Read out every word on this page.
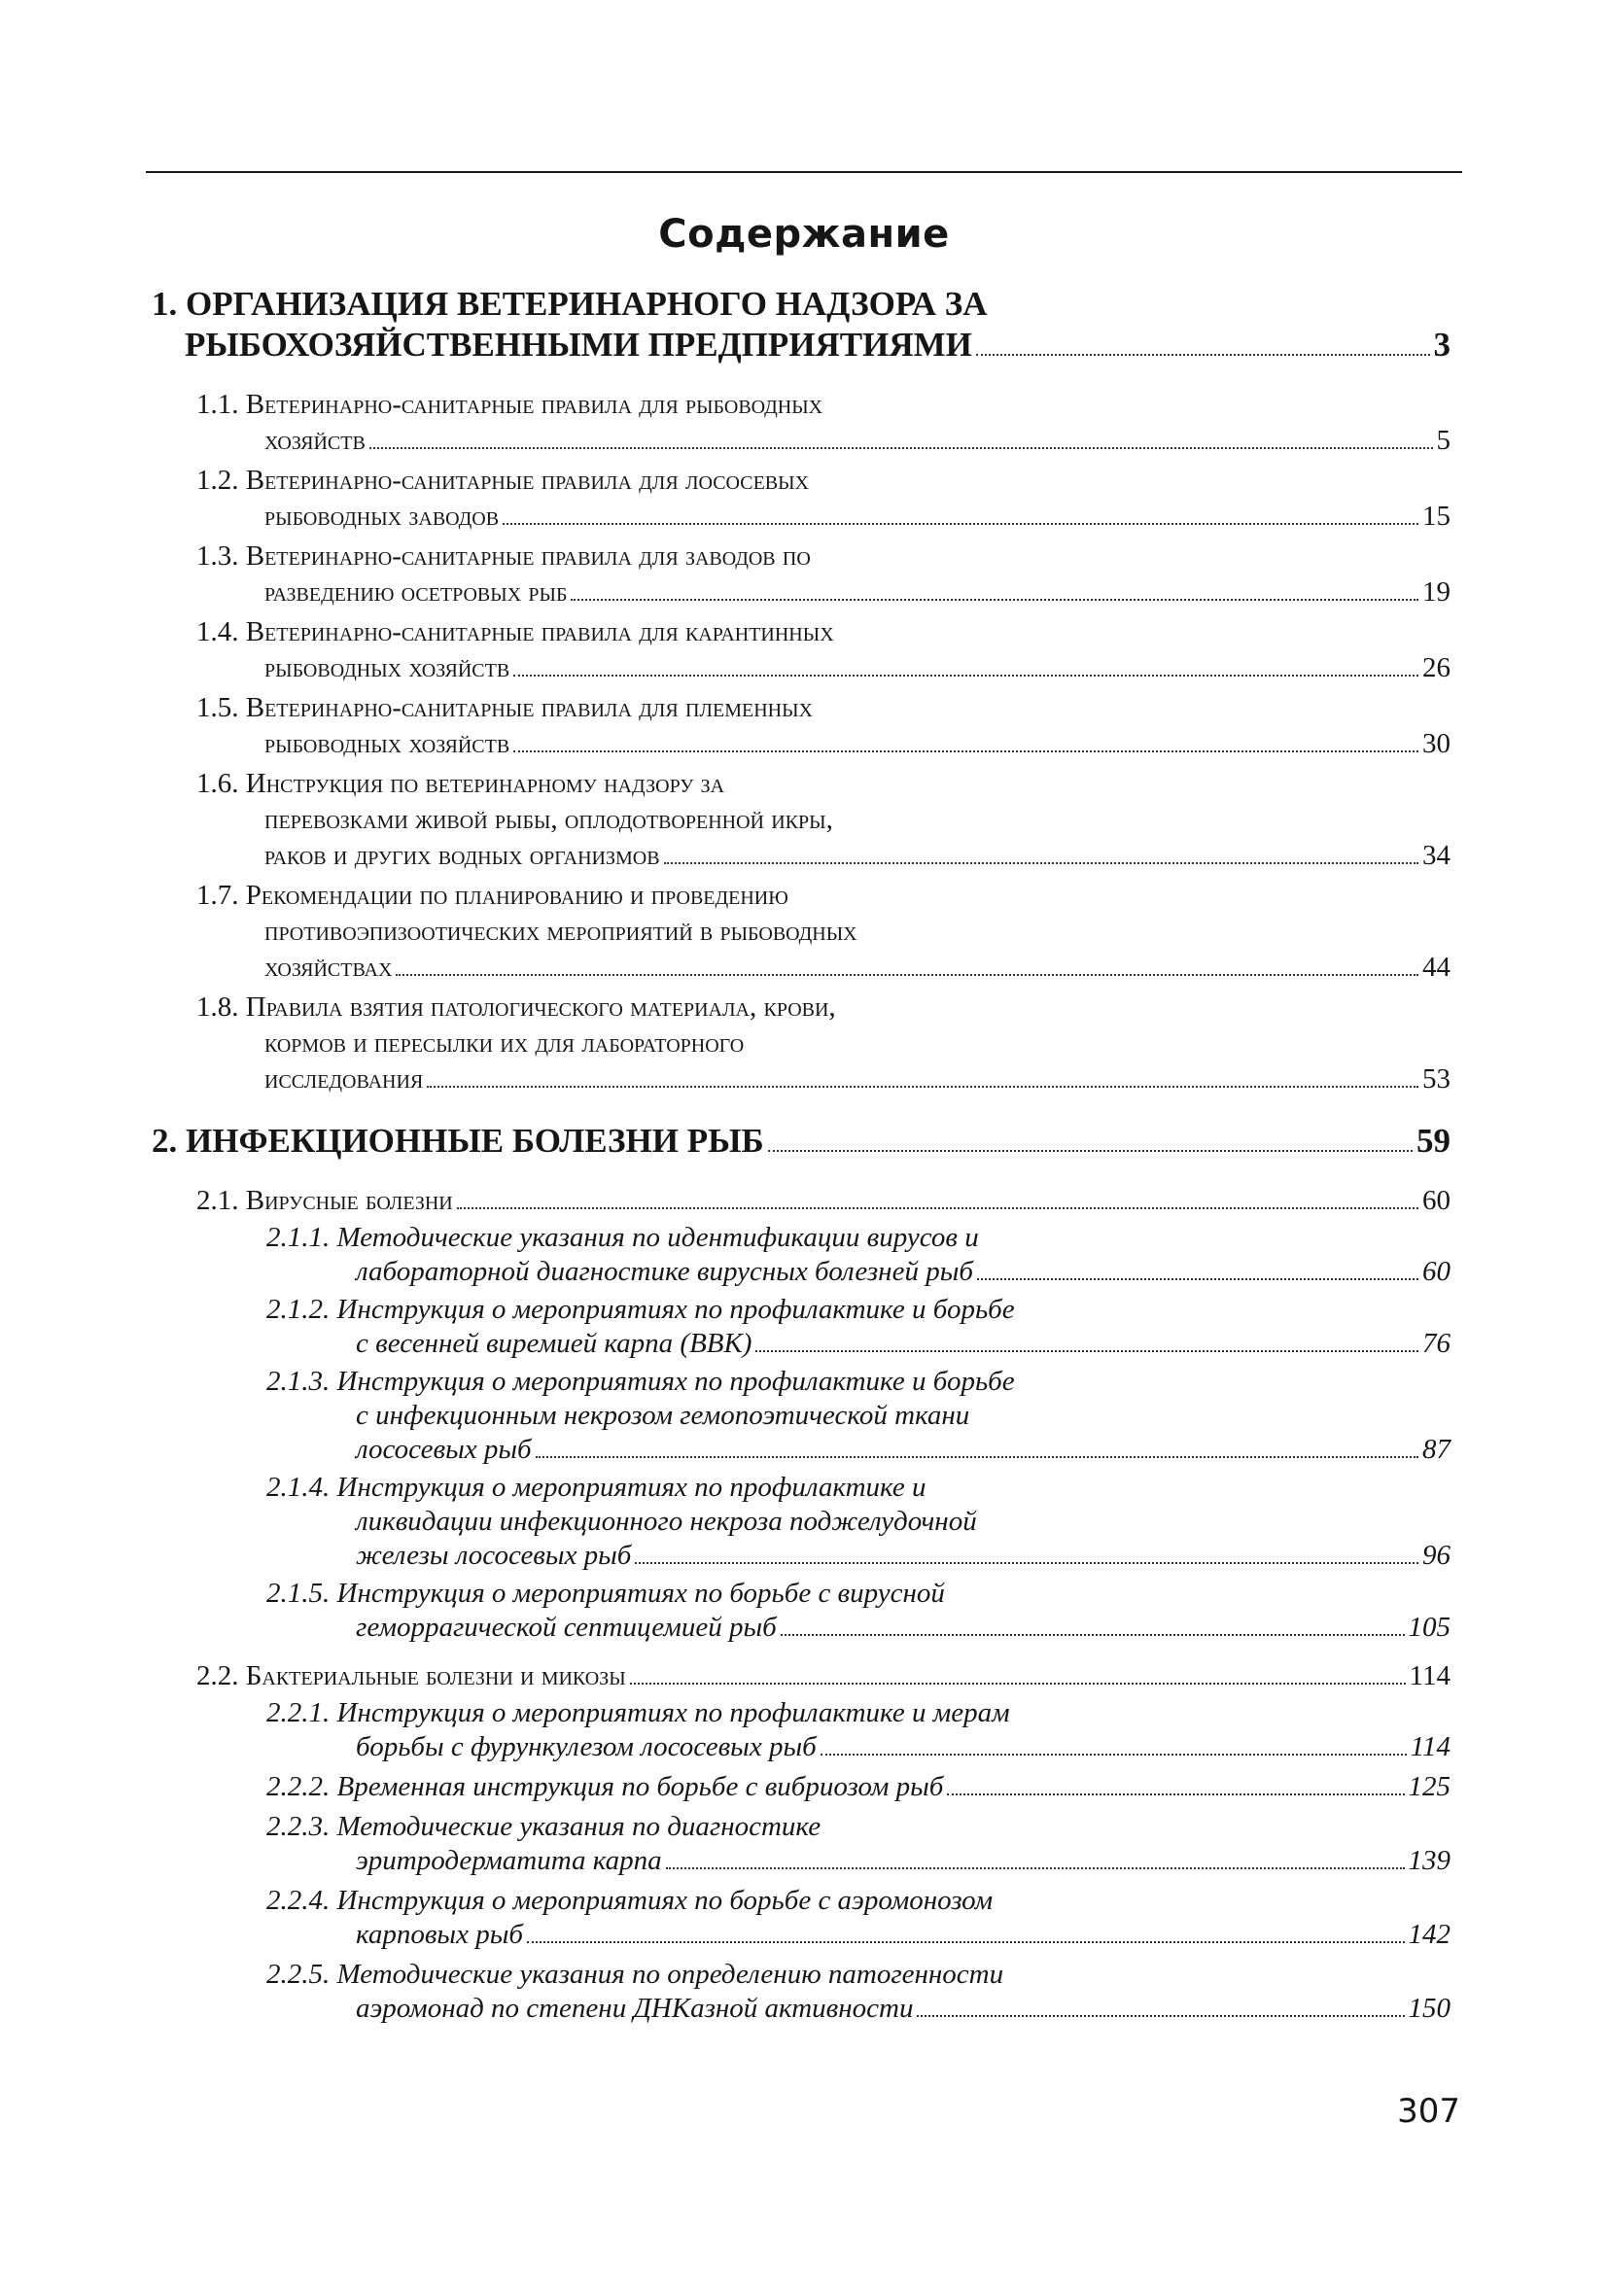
Содержание
1. ОРГАНИЗАЦИЯ ВЕТЕРИНАРНОГО НАДЗОРА ЗА
РЫБОХОЗЯЙСТВЕННЫМИ ПРЕДПРИЯТИЯМИ	3
1.1. Ветеринарно-санитарные правила для рыбоводных
хозяйств	5
1.2. Ветеринарно-санитарные правила для лососевых
рыбоводных заводов	15
1.3. Ветеринарно-санитарные правила для заводов по
разведению осетровых рыб	19
1.4. Ветеринарно-санитарные правила для карантинных
рыбоводных хозяйств	26
1.5. Ветеринарно-санитарные правила для племенных
рыбоводных хозяйств	30
1.6. Инструкция по ветеринарному надзору за
перевозками живой рыбы, оплодотворенной икры,
раков и других водных организмов	34
1.7. Рекомендации по планированию и проведению
противоэпизоотических мероприятий в рыбоводных
хозяйствах	44
1.8. Правила взятия патологического материала, крови,
кормов и пересылки их для лабораторного
исследования	53
2. ИНФЕКЦИОННЫЕ БОЛЕЗНИ РЫБ	59
2.1. Вирусные болезни	60
2.1.1. Методические указания по идентификации вирусов и
лабораторной диагностике вирусных болезней рыб	60
2.1.2. Инструкция о мероприятиях по профилактике и борьбе
с весенней виремией карпа (ВВК)	76
2.1.3. Инструкция о мероприятиях по профилактике и борьбе
с инфекционным некрозом гемопоэтической ткани
лососевых рыб	87
2.1.4. Инструкция о мероприятиях по профилактике и
ликвидации инфекционного некроза поджелудочной
железы лососевых рыб	96
2.1.5. Инструкция о мероприятиях по борьбе с вирусной
геморрагической септицемией рыб	105
2.2. Бактериальные болезни и микозы	114
2.2.1. Инструкция о мероприятиях по профилактике и мерам
борьбы с фурункулезом лососевых рыб	114
2.2.2. Временная инструкция по борьбе с вибриозом рыб	125
2.2.3. Методические указания по диагностике
эритродерматита карпа	139
2.2.4. Инструкция о мероприятиях по борьбе с аэромонозом
карповых рыб	142
2.2.5. Методические указания по определению патогенности
аэромонад по степени ДНКазной активности	150
307
